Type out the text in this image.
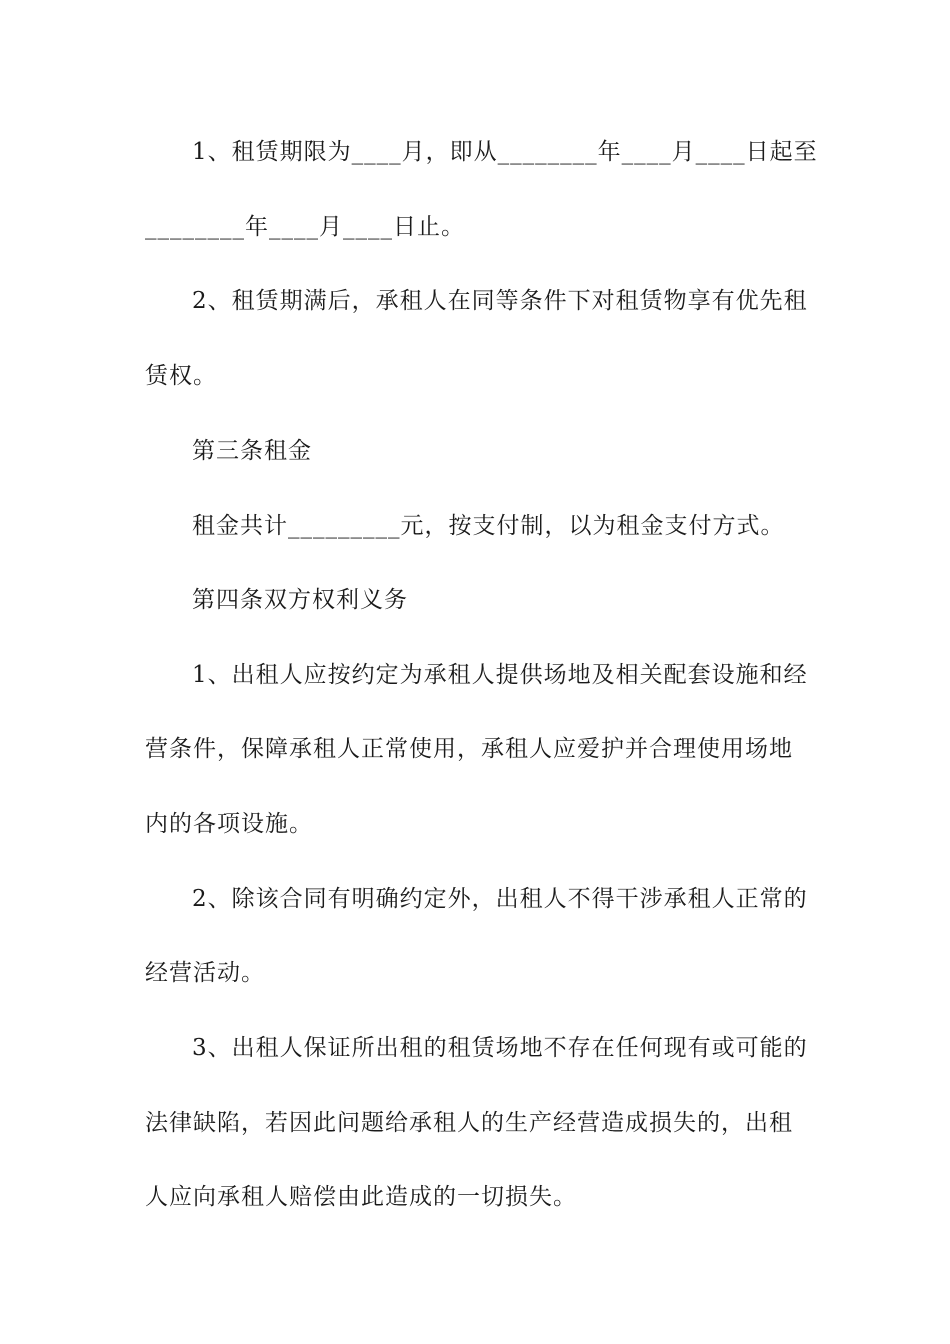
1、租赁期限为____月，即从________年____月____日起至
________年____月____日止。
2、租赁期满后，承租人在同等条件下对租赁物享有优先租
赁权。
第三条租金
租金共计_________元，按支付制，以为租金支付方式。
第四条双方权利义务
1、出租人应按约定为承租人提供场地及相关配套设施和经
营条件，保障承租人正常使用，承租人应爱护并合理使用场地
内的各项设施。
2、除该合同有明确约定外，出租人不得干涉承租人正常的
经营活动。
3、出租人保证所出租的租赁场地不存在任何现有或可能的
法律缺陷，若因此问题给承租人的生产经营造成损失的，出租
人应向承租人赔偿由此造成的一切损失。
